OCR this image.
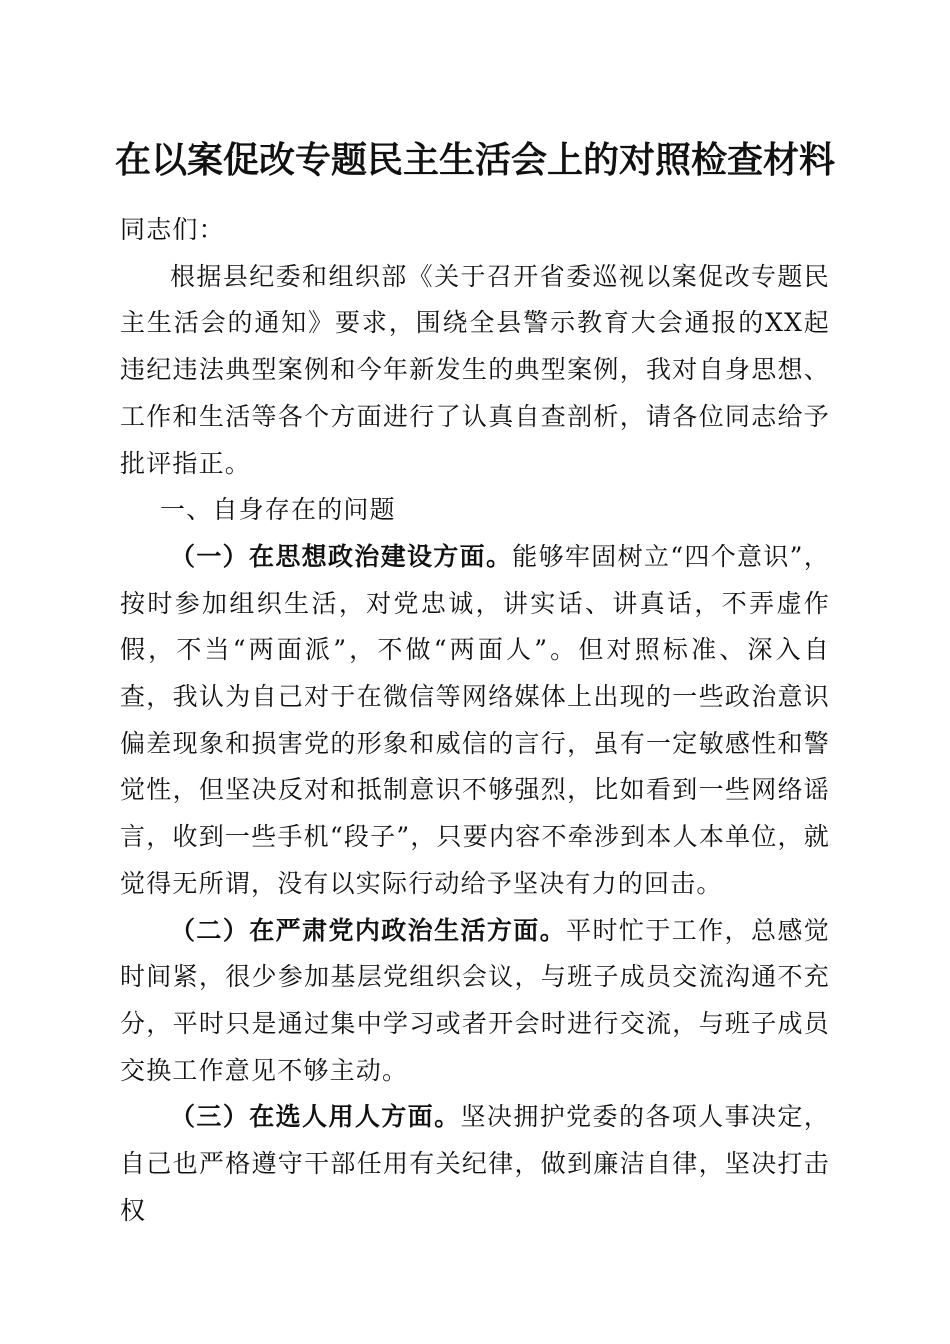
在以案促改专题民主生活会上的对照检查材料

同志们：

根据县纪委和组织部《关于召开省委巡视以案促改专题民主生活会的通知》要求，围绕全县警示教育大会通报的XX起违纪违法典型案例和今年新发生的典型案例，我对自身思想、工作和生活等各个方面进行了认真自查剖析，请各位同志给予批评指正。

一、自身存在的问题

（一）在思想政治建设方面。能够牢固树立“四个意识”，按时参加组织生活，对党忠诚，讲实话、讲真话，不弄虚作假，不当“两面派”，不做“两面人”。但对照标准、深入自查，我认为自己对于在微信等网络媒体上出现的一些政治意识偏差现象和损害党的形象和威信的言行，虽有一定敏感性和警觉性，但坚决反对和抵制意识不够强烈，比如看到一些网络谣言，收到一些手机“段子”，只要内容不牵涉到本人本单位，就觉得无所谓，没有以实际行动给予坚决有力的回击。

（二）在严肃党内政治生活方面。平时忙于工作，总感觉时间紧，很少参加基层党组织会议，与班子成员交流沟通不充分，平时只是通过集中学习或者开会时进行交流，与班子成员交换工作意见不够主动。

（三）在选人用人方面。坚决拥护党委的各项人事决定，自己也严格遵守干部任用有关纪律，做到廉洁自律，坚决打击权
